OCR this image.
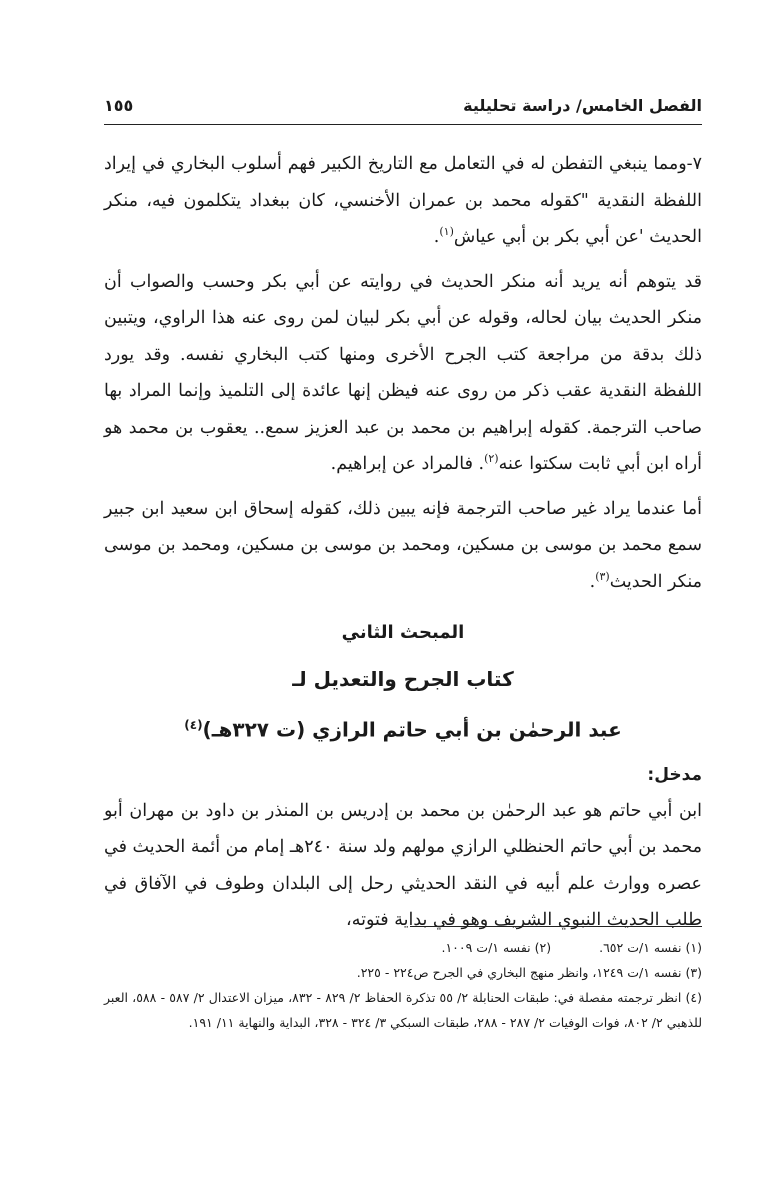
الفصل الخامس/ دراسة تحليلية
١٥٥

٧-ومما ينبغي التفطن له في التعامل مع التاريخ الكبير فهم أسلوب البخاري في إيراد اللفظة النقدية "كقوله محمد بن عمران الأخنسي، كان ببغداد يتكلمون فيه، منكر الحديث 'عن أبي بكر بن أبي عياش$^{(١)}$.

قد يتوهم أنه يريد أنه منكر الحديث في روايته عن أبي بكر وحسب والصواب أن منكر الحديث بيان لحاله، وقوله عن أبي بكر لبيان لمن روى عنه هذا الراوي، ويتبين ذلك بدقة من مراجعة كتب الجرح الأخرى ومنها كتب البخاري نفسه. وقد يورد اللفظة النقدية عقب ذكر من روى عنه فيظن إنها عائدة إلى التلميذ وإنما المراد بها صاحب الترجمة. كقوله إبراهيم بن محمد بن عبد العزيز سمع.. يعقوب بن محمد هو أراه ابن أبي ثابت سكتوا عنه$^{(٢)}$. فالمراد عن إبراهيم.

أما عندما يراد غير صاحب الترجمة فإنه يبين ذلك، كقوله إسحاق ابن سعيد ابن جبير سمع محمد بن موسى بن مسكين، ومحمد بن موسى بن مسكين، ومحمد بن موسى منكر الحديث$^{(٣)}$.

المبحث الثاني
كتاب الجرح والتعديل لـ
عبد الرحمٰن بن أبي حاتم الرازي (ت ٣٢٧هـ)$^{(٤)}$
مدخل:

ابن أبي حاتم هو عبد الرحمٰن بن محمد بن إدريس بن المنذر بن داود بن مهران أبو محمد بن أبي حاتم الحنظلي الرازي مولهم ولد سنة ٢٤٠هـ إمام من أئمة الحديث في عصره ووارث علم أبيه في النقد الحديثي رحل إلى البلدان وطوف في الآفاق في طلب الحديث النبوي الشريف وهو في بداية فتوته،

(١) نفسه ١/ت ٦٥٢.

(٢) نفسه ١/ت ١٠٠٩.

(٣) نفسه ١/ت ١٢٤٩، وانظر منهج البخاري في الجرح ص٢٢٤ - ٢٢٥.

(٤) انظر ترجمته مفصلة في: طبقات الحنابلة ٢/ ٥٥ تذكرة الحفاظ ٢/ ٨٢٩ - ٨٣٢، ميزان الاعتدال ٢/ ٥٨٧ - ٥٨٨، العبر للذهبي ٢/ ٨٠٢، فوات الوفيات ٢/ ٢٨٧ - ٢٨٨، طبقات السبكي ٣/ ٣٢٤ - ٣٢٨، البداية والنهاية ١١/ ١٩١.
